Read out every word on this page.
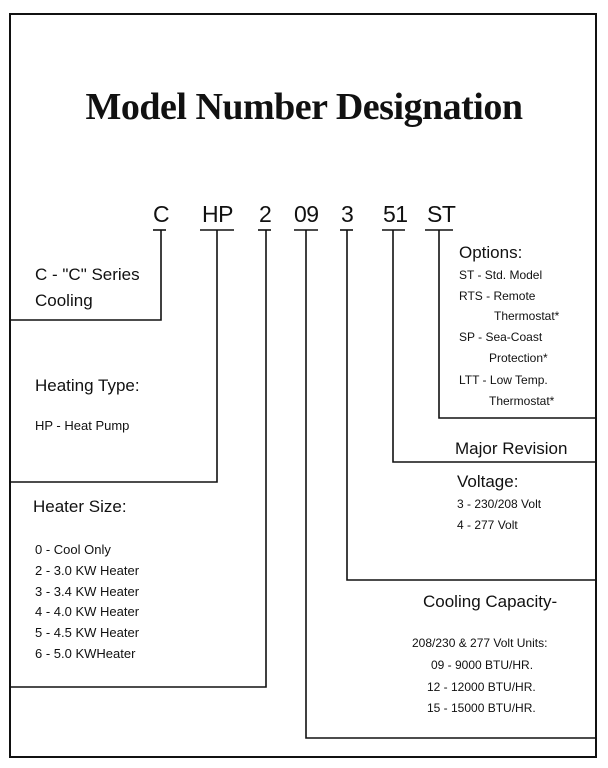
Model Number Designation
C HP 2 09 3 51 ST
C - "C" Series
Cooling
Heating Type:
HP - Heat Pump
Heater Size:
0 - Cool Only
2 - 3.0 KW Heater
3 - 3.4 KW Heater
4 - 4.0 KW Heater
5 - 4.5 KW Heater
6 - 5.0 KWHeater
Options:
ST - Std. Model
RTS - Remote
Thermostat*
SP - Sea-Coast
Protection*
LTT - Low Temp.
Thermostat*
Major Revision
Voltage:
3 - 230/208 Volt
4 - 277 Volt
Cooling Capacity-
208/230 & 277 Volt Units:
09 - 9000 BTU/HR.
12 - 12000 BTU/HR.
15 - 15000 BTU/HR.
